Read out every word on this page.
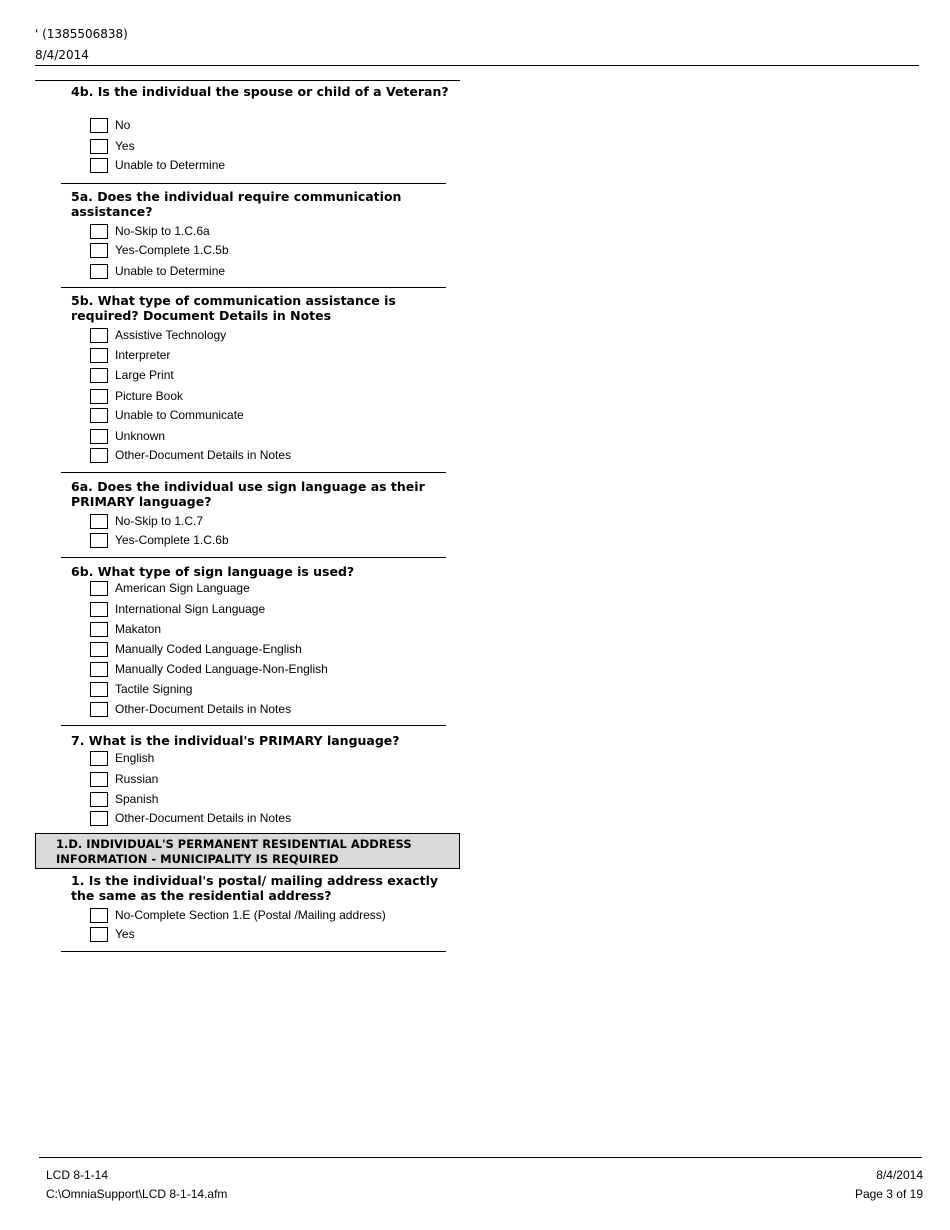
' (1385506838)
8/4/2014
4b. Is the individual the spouse or child of a Veteran?
No
Yes
Unable to Determine
5a. Does the individual require communication assistance?
No-Skip to 1.C.6a
Yes-Complete 1.C.5b
Unable to Determine
5b. What type of communication assistance is required? Document Details in Notes
Assistive Technology
Interpreter
Large Print
Picture Book
Unable to Communicate
Unknown
Other-Document Details in Notes
6a. Does the individual use sign language as their PRIMARY language?
No-Skip to 1.C.7
Yes-Complete 1.C.6b
6b. What type of sign language is used?
American Sign Language
International Sign Language
Makaton
Manually Coded Language-English
Manually Coded Language-Non-English
Tactile Signing
Other-Document Details in Notes
7. What is the individual's PRIMARY language?
English
Russian
Spanish
Other-Document Details in Notes
1.D. INDIVIDUAL'S PERMANENT RESIDENTIAL ADDRESS INFORMATION - MUNICIPALITY IS REQUIRED
1. Is the individual's postal/ mailing address exactly the same as the residential address?
No-Complete Section 1.E (Postal /Mailing address)
Yes
LCD 8-1-14
C:\OmniaSupport\LCD 8-1-14.afm
8/4/2014
Page 3 of 19
